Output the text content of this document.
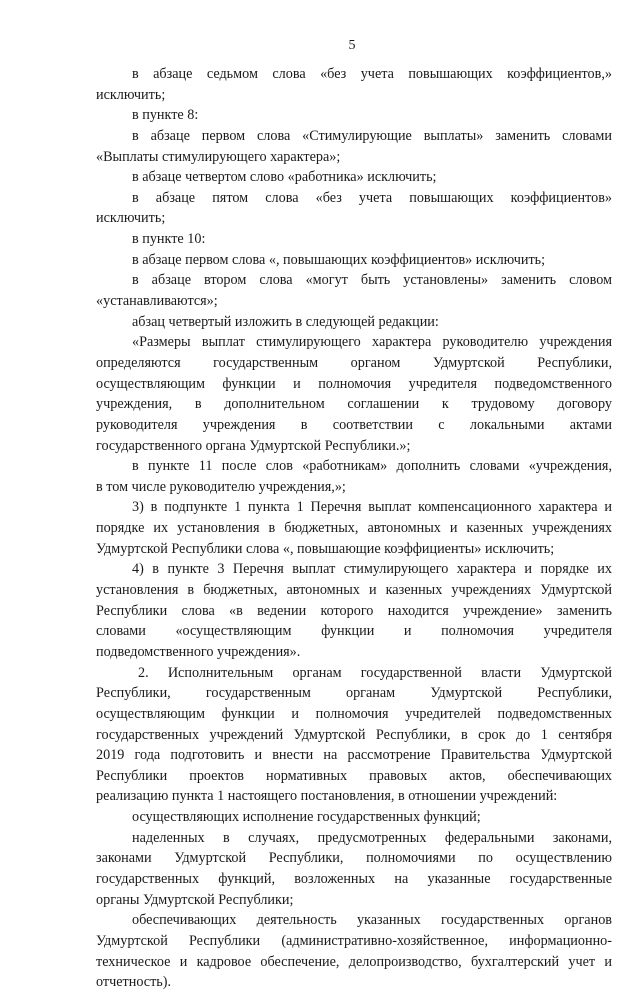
5
в абзаце седьмом слова «без учета повышающих коэффициентов,»
исключить;
в пункте 8:
в абзаце первом слова «Стимулирующие выплаты» заменить словами
«Выплаты стимулирующего характера»;
в абзаце четвертом слово «работника» исключить;
в абзаце пятом слова «без учета повышающих коэффициентов»
исключить;
в пункте 10:
в абзаце первом слова «, повышающих коэффициентов» исключить;
в абзаце втором слова «могут быть установлены» заменить словом
«устанавливаются»;
абзац четвертый изложить в следующей редакции:
«Размеры выплат стимулирующего характера руководителю учреждения
определяются государственным органом Удмуртской Республики,
осуществляющим функции и полномочия учредителя подведомственного
учреждения, в дополнительном соглашении к трудовому договору
руководителя учреждения в соответствии с локальными актами
государственного органа Удмуртской Республики.»;
в пункте 11 после слов «работникам» дополнить словами «учреждения,
в том числе руководителю учреждения,»;
3) в подпункте 1 пункта 1 Перечня выплат компенсационного характера и
порядке их установления в бюджетных, автономных и казенных учреждениях
Удмуртской Республики слова «, повышающие коэффициенты» исключить;
4) в пункте 3 Перечня выплат стимулирующего характера и порядке их
установления в бюджетных, автономных и казенных учреждениях Удмуртской
Республики слова «в ведении которого находится учреждение» заменить
словами «осуществляющим функции и полномочия учредителя
подведомственного учреждения».
2. Исполнительным органам государственной власти Удмуртской
Республики, государственным органам Удмуртской Республики,
осуществляющим функции и полномочия учредителей подведомственных
государственных учреждений Удмуртской Республики, в срок до 1 сентября
2019 года подготовить и внести на рассмотрение Правительства Удмуртской
Республики проектов нормативных правовых актов, обеспечивающих
реализацию пункта 1 настоящего постановления, в отношении учреждений:
осуществляющих исполнение государственных функций;
наделенных в случаях, предусмотренных федеральными законами,
законами Удмуртской Республики, полномочиями по осуществлению
государственных функций, возложенных на указанные государственные
органы Удмуртской Республики;
обеспечивающих деятельность указанных государственных органов
Удмуртской Республики (административно-хозяйственное, информационно-
техническое и кадровое обеспечение, делопроизводство, бухгалтерский учет и
отчетность).
